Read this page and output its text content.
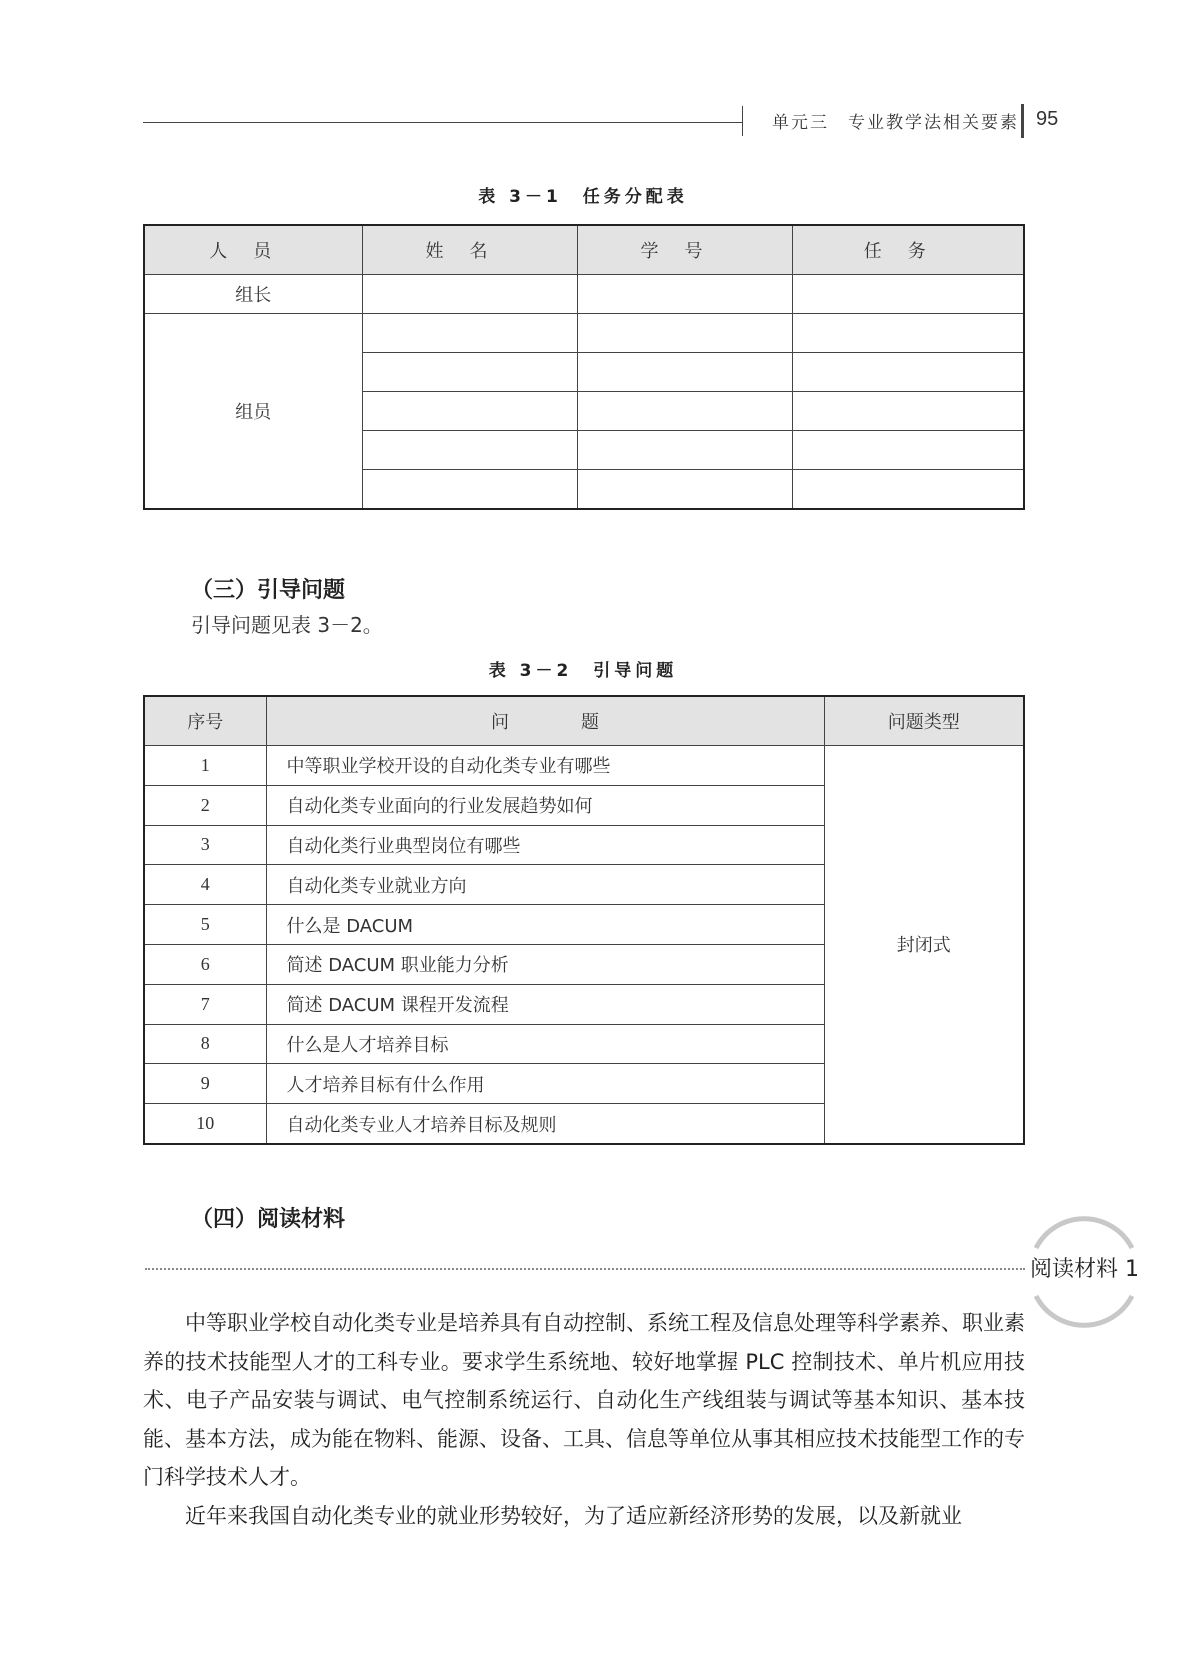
单元三　专业教学法相关要素 95
表 3－1　任务分配表
人员	姓名	学号	任务
组长			
组员			

（三）引导问题
引导问题见表 3－2。
表 3－2　引导问题
序号	问　　　　题	问题类型
1	中等职业学校开设的自动化类专业有哪些	封闭式
2	自动化类专业面向的行业发展趋势如何	
3	自动化类行业典型岗位有哪些	
4	自动化类专业就业方向	
5	什么是 DACUM	
6	简述 DACUM 职业能力分析	
7	简述 DACUM 课程开发流程	
8	什么是人才培养目标	
9	人才培养目标有什么作用	
10	自动化类专业人才培养目标及规则	
（四）阅读材料
阅读材料 1

中等职业学校自动化类专业是培养具有自动控制、系统工程及信息处理等科学素养、职业素养的技术技能型人才的工科专业。要求学生系统地、较好地掌握 PLC 控制技术、单片机应用技术、电子产品安装与调试、电气控制系统运行、自动化生产线组装与调试等基本知识、基本技能、基本方法，成为能在物料、能源、设备、工具、信息等单位从事其相应技术技能型工作的专门科学技术人才。

近年来我国自动化类专业的就业形势较好，为了适应新经济形势的发展，以及新就业
